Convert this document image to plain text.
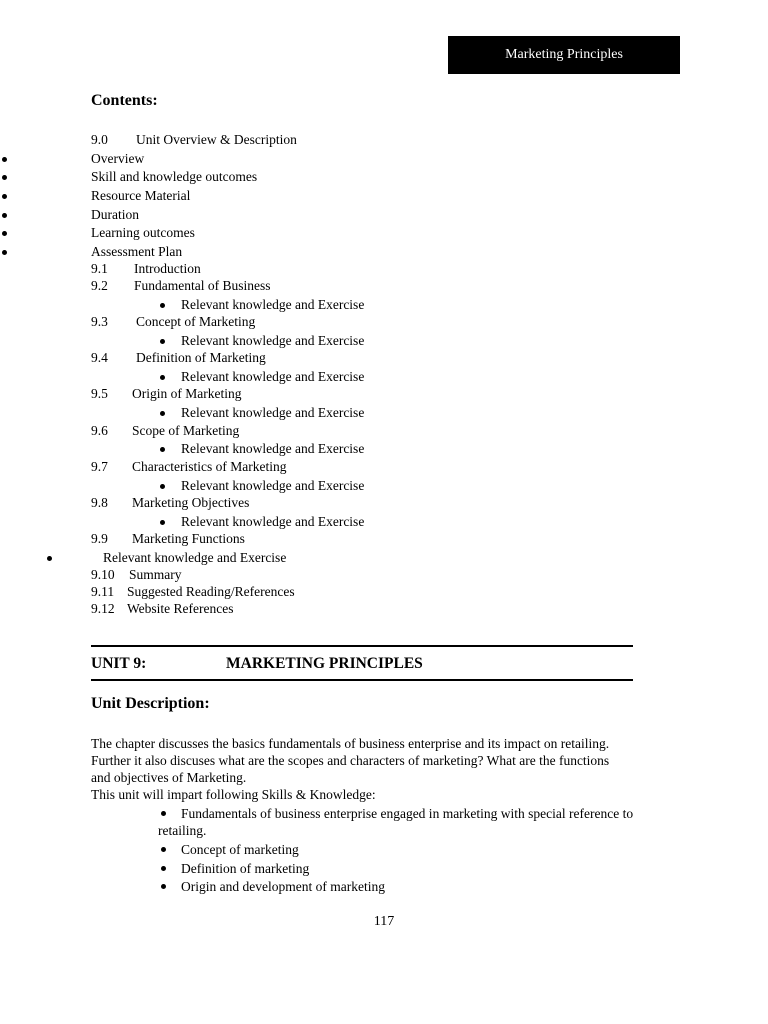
Marketing Principles
Contents:
9.0 Unit Overview & Description
Overview
Skill and knowledge outcomes
Resource Material
Duration
Learning outcomes
Assessment Plan
9.1 Introduction
9.2 Fundamental of Business
Relevant knowledge and Exercise
9.3 Concept of Marketing
Relevant knowledge and Exercise
9.4 Definition of Marketing
Relevant knowledge and Exercise
9.5 Origin of Marketing
Relevant knowledge and Exercise
9.6 Scope of Marketing
Relevant knowledge and Exercise
9.7 Characteristics of Marketing
Relevant knowledge and Exercise
9.8 Marketing Objectives
Relevant knowledge and Exercise
9.9 Marketing Functions
Relevant knowledge and Exercise
9.10 Summary
9.11 Suggested Reading/References
9.12 Website References
UNIT 9:	MARKETING PRINCIPLES
Unit Description:
The chapter discusses the basics fundamentals of business enterprise and its impact on retailing.
Further it also discuses what are the scopes and characters of marketing? What are the functions
and objectives of Marketing.
This unit will impart following Skills & Knowledge:
Fundamentals of business enterprise engaged in marketing with special reference to retailing.
Concept of marketing
Definition of marketing
Origin and development of marketing
117
